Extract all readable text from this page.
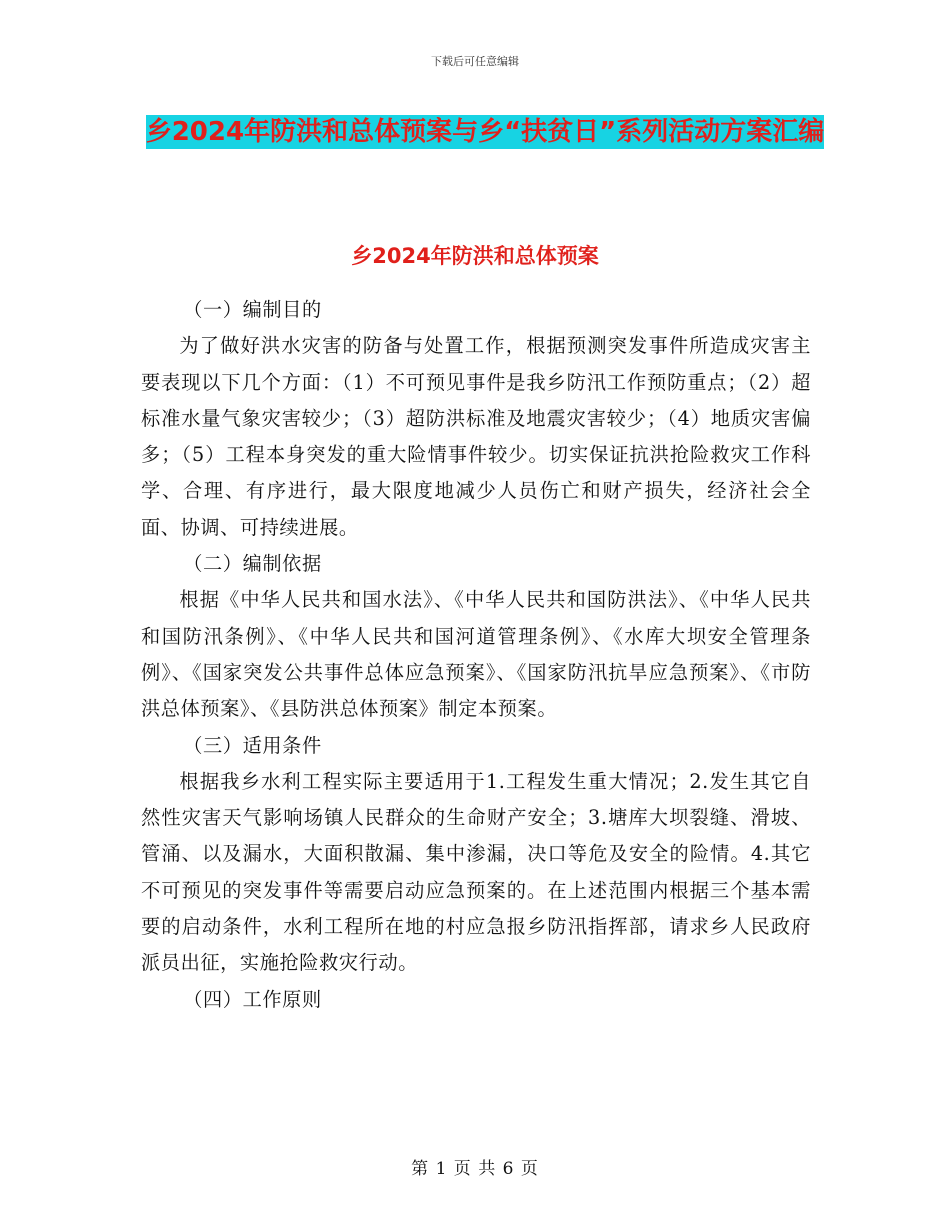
下载后可任意编辑
乡2024年防洪和总体预案与乡“扶贫日”系列活动方案汇编
乡2024年防洪和总体预案

（一）编制目的

为了做好洪水灾害的防备与处置工作，根据预测突发事件所造成灾害主要表现以下几个方面：（1）不可预见事件是我乡防汛工作预防重点；（2）超标准水量气象灾害较少；（3）超防洪标准及地震灾害较少；（4）地质灾害偏多；（5）工程本身突发的重大险情事件较少。切实保证抗洪抢险救灾工作科学、合理、有序进行，最大限度地减少人员伤亡和财产损失，经济社会全面、协调、可持续进展。

（二）编制依据

根据《中华人民共和国水法》、《中华人民共和国防洪法》、《中华人民共和国防汛条例》、《中华人民共和国河道管理条例》、《水库大坝安全管理条例》、《国家突发公共事件总体应急预案》、《国家防汛抗旱应急预案》、《市防洪总体预案》、《县防洪总体预案》制定本预案。

（三）适用条件

根据我乡水利工程实际主要适用于1.工程发生重大情况；2.发生其它自然性灾害天气影响场镇人民群众的生命财产安全；3.塘库大坝裂缝、滑坡、管涌、以及漏水，大面积散漏、集中渗漏，决口等危及安全的险情。4.其它不可预见的突发事件等需要启动应急预案的。在上述范围内根据三个基本需要的启动条件，水利工程所在地的村应急报乡防汛指挥部，请求乡人民政府派员出征，实施抢险救灾行动。

（四）工作原则

第 1 页 共 6 页
